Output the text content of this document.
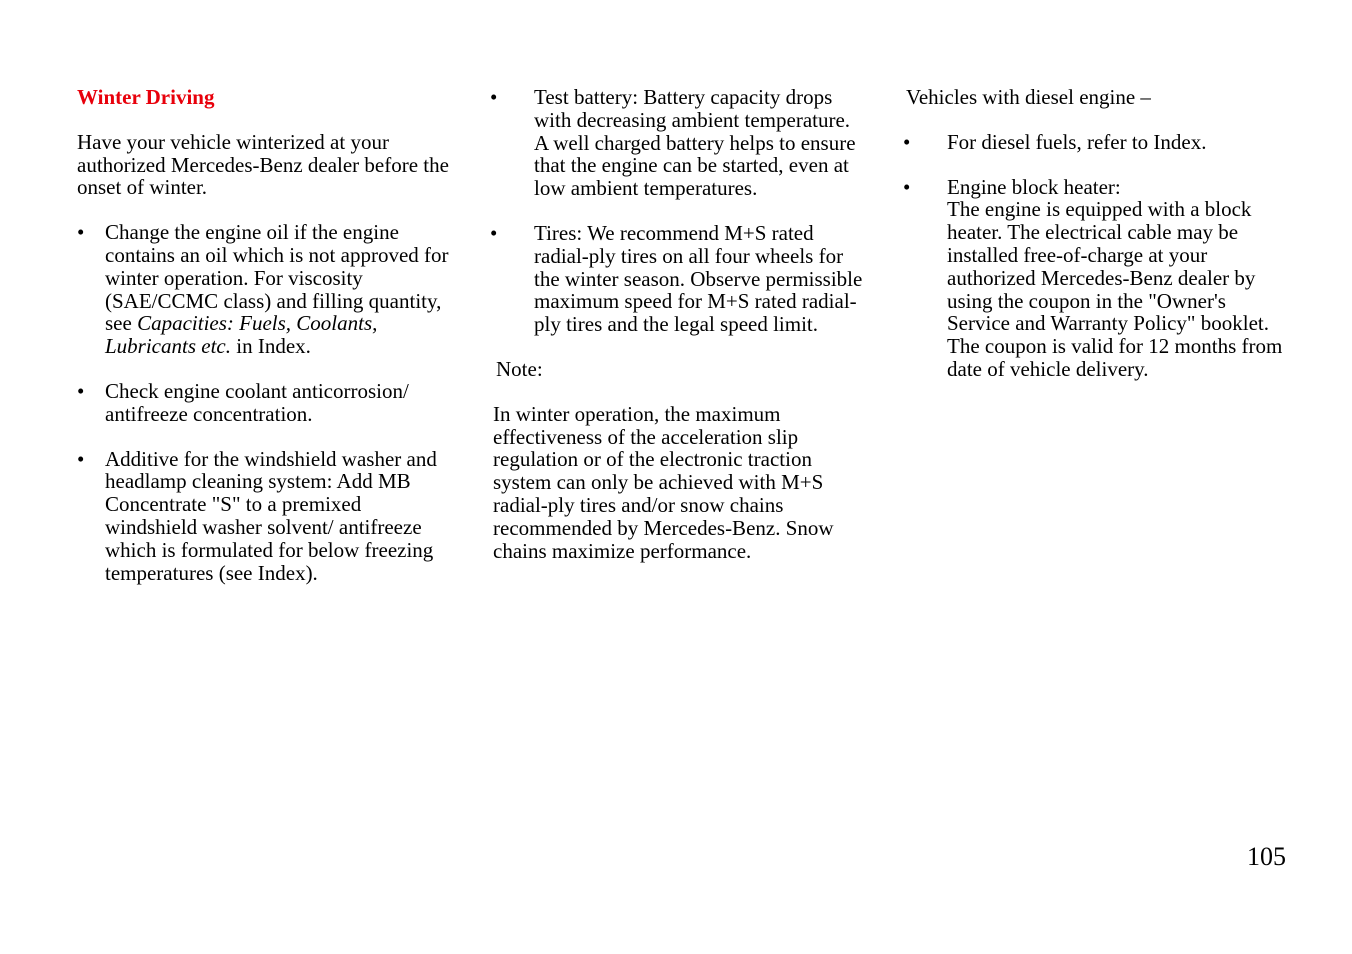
Winter Driving

Have your vehicle winterized at your authorized Mercedes-Benz dealer before the onset of winter.

• Change the engine oil if the engine contains an oil which is not approved for winter operation. For viscosity (SAE/CCMC class) and filling quantity, see Capacities: Fuels, Coolants, Lubricants etc. in Index.
• Check engine coolant anticorrosion/ antifreeze concentration.
• Additive for the windshield washer and headlamp cleaning system: Add MB Concentrate "S" to a premixed windshield washer solvent/ antifreeze which is formulated for below freezing temperatures (see Index).
• Test battery: Battery capacity drops with decreasing ambient temperature. A well charged battery helps to ensure that the engine can be started, even at low ambient temperatures.
• Tires: We recommend M+S rated radial-ply tires on all four wheels for the winter season. Observe permissible maximum speed for M+S rated radial-ply tires and the legal speed limit.

Note:

In winter operation, the maximum effectiveness of the acceleration slip regulation or of the electronic traction system can only be achieved with M+S radial-ply tires and/or snow chains recommended by Mercedes-Benz. Snow chains maximize performance.

Vehicles with diesel engine –

• For diesel fuels, refer to Index.
• Engine block heater:
The engine is equipped with a block heater. The electrical cable may be installed free-of-charge at your authorized Mercedes-Benz dealer by using the coupon in the "Owner's Service and Warranty Policy" booklet. The coupon is valid for 12 months from date of vehicle delivery.
105
